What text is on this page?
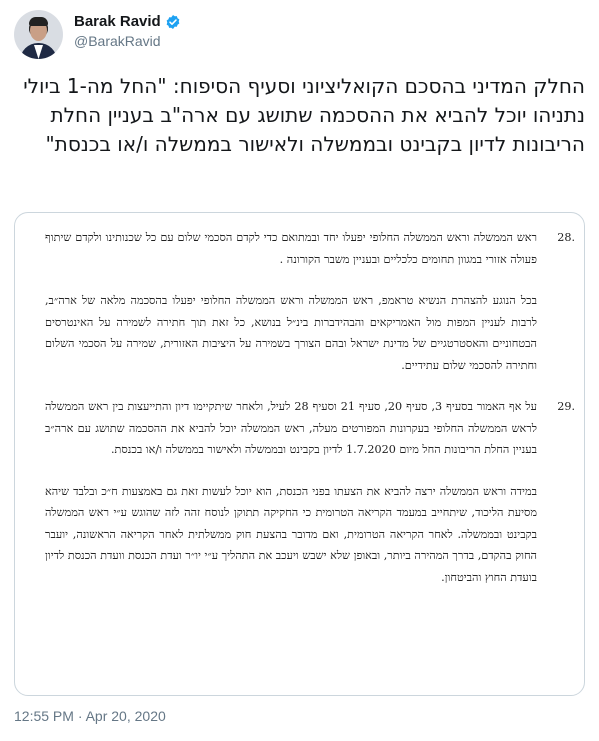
Barak Ravid
@BarakRavid
החלק המדיני בהסכם הקואליציוני וסעיף הסיפוח: "החל מה-1 ביולי נתניהו יוכל להביא את ההסכמה שתושג עם ארה"ב בעניין החלת הריבונות לדיון בקבינט ובממשלה ולאישור בממשלה ו/או בכנסת"
28.
ראש הממשלה וראש הממשלה החלופי יפעלו יחד ובמתואם כדי לקדם הסכמי שלום עם כל שכנותינו ולקדם שיתוף פעולה אזורי במגוון תחומים כלכליים ובעניין משבר הקורונה .
בכל הנוגע להצהרת הנשיא טראמפ, ראש הממשלה וראש הממשלה החלופי יפעלו בהסכמה מלאה של ארה״ב, לרבות לעניין המפות מול האמריקאים והבהידברות בינ״ל בנושא, כל זאת תוך חתירה לשמירה על האינטרסים הבטחוניים והאסטרטגיים של מדינת ישראל ובהם הצורך בשמירה על היציבות האזורית, שמירה על הסכמי השלום וחתירה להסכמי שלום עתידיים.
29.
על אף האמור בסעיף 3, סעיף 20, סעיף 21 וסעיף 28 לעיל, ולאחר שיתקיימו דיון והתייעצות בין ראש הממשלה לראש הממשלה החלופי בעקרונות המפורטים מעלה, ראש הממשלה יוכל להביא את ההסכמה שתושג עם ארה״ב בעניין החלת הריבונות החל מיום 1.7.2020 לדיון בקבינט ובממשלה ולאישור בממשלה ו/או בכנסת.
במידה וראש הממשלה ירצה להביא את הצעתו בפני הכנסת, הוא יוכל לעשות זאת גם באמצעות ח״כ ובלבד שיהא מסיעת הליכוד, שיתחייב במעמד הקריאה הטרומית כי החקיקה תתוקן לנוסח זהה לזה שהוגש ע״י ראש הממשלה בקבינט ובממשלה. לאחר הקריאה הטרומית, ואם מדובר בהצעת חוק ממשלתית לאחר הקריאה הראשונה, יועבר החוק בהקדם, בדרך המהירה ביותר, ובאופן שלא ישבש ויעכב את התהליך ע״י יו״ר ועדת הכנסת וועדת הכנסת לדיון בועדת החוץ והביטחון.
12:55 PM · Apr 20, 2020
